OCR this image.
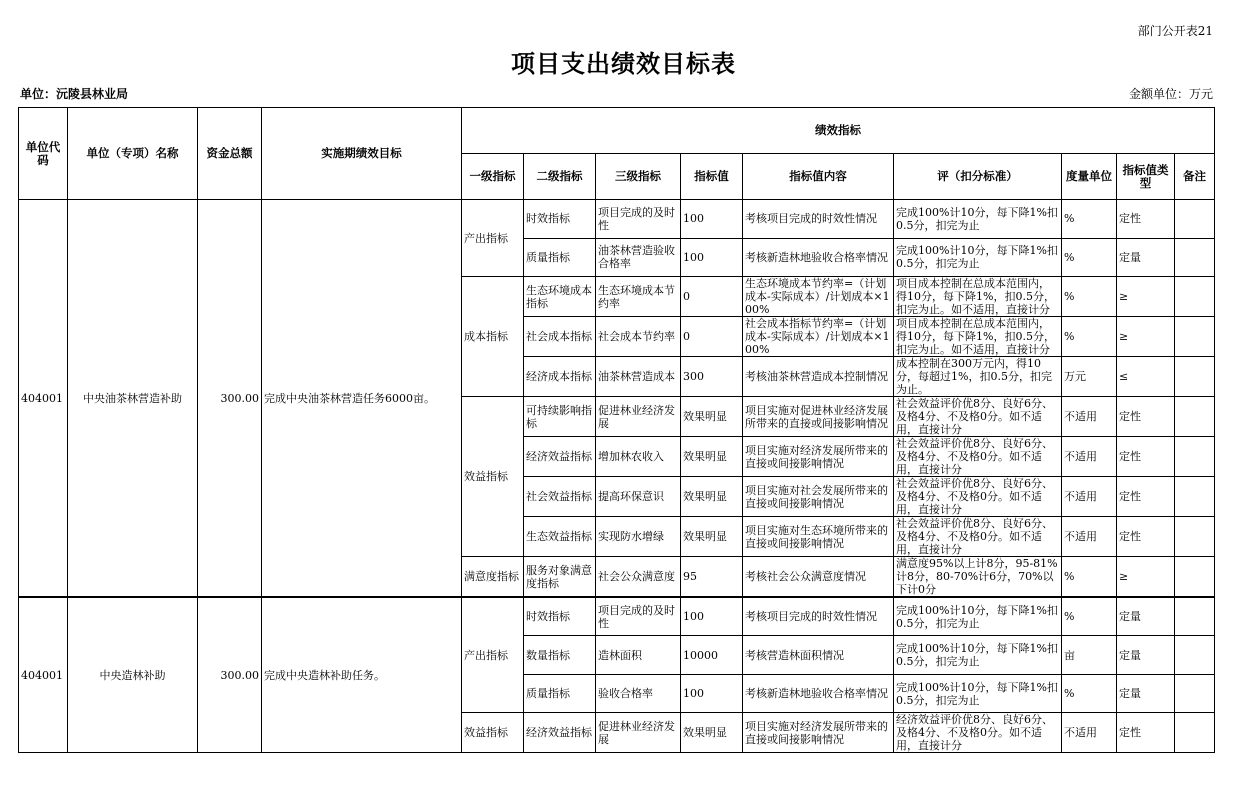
部门公开表21
项目支出绩效目标表
单位：沅陵县林业局	金额单位：万元
单位代码	单位（专项）名称	资金总额	实施期绩效目标	绩效指标								
				一级指标	二级指标	三级指标	指标值	指标值内容	评（扣分标准）	度量单位	指标值类型	备注

404001	中央油茶林营造补助	300.00	完成中央油茶林营造任务6000亩。	产出指标	时效指标	项目完成的及时性	100	考核项目完成的时效性情况	完成100%计10分，每下降1%扣0.5分，扣完为止	%	定性	

					质量指标	油茶林营造验收合格率	100	考核新造林地验收合格率情况	完成100%计10分，每下降1%扣0.5分，扣完为止	%	定量	

				成本指标	生态环境成本指标	生态环境成本节约率	0	生态环境成本节约率=（计划成本-实际成本）/计划成本×100%	项目成本控制在总成本范围内，得10分，每下降1%，扣0.5分，扣完为止。如不适用，直接计分	%	≥	

					社会成本指标	社会成本节约率	0	社会成本指标节约率=（计划成本-实际成本）/计划成本×100%	项目成本控制在总成本范围内，得10分，每下降1%，扣0.5分，扣完为止。如不适用，直接计分	%	≥	

					经济成本指标	油茶林营造成本	300	考核油茶林营造成本控制情况	成本控制在300万元内，得10分，每超过1%，扣0.5分，扣完为止。	万元	≤	

				效益指标	可持续影响指标	促进林业经济发展	效果明显	项目实施对促进林业经济发展所带来的直接或间接影响情况	社会效益评价优8分、良好6分、及格4分、不及格0分。如不适用，直接计分	不适用	定性	

					经济效益指标	增加林农收入	效果明显	项目实施对经济发展所带来的直接或间接影响情况	社会效益评价优8分、良好6分、及格4分、不及格0分。如不适用，直接计分	不适用	定性	

					社会效益指标	提高环保意识	效果明显	项目实施对社会发展所带来的直接或间接影响情况	社会效益评价优8分、良好6分、及格4分、不及格0分。如不适用，直接计分	不适用	定性	

					生态效益指标	实现防水增绿	效果明显	项目实施对生态环境所带来的直接或间接影响情况	社会效益评价优8分、良好6分、及格4分、不及格0分。如不适用，直接计分	不适用	定性	

				满意度指标	服务对象满意度指标	社会公众满意度	95	考核社会公众满意度情况	满意度95%以上计8分，95-81%计8分，80-70%计6分，70%以下计0分	%	≥	

404001	中央造林补助	300.00	完成中央造林补助任务。	产出指标	时效指标	项目完成的及时性	100	考核项目完成的时效性情况	完成100%计10分，每下降1%扣0.5分，扣完为止	%	定量	

					数量指标	造林面积	10000	考核营造林面积情况	完成100%计10分，每下降1%扣0.5分，扣完为止	亩	定量	

					质量指标	验收合格率	100	考核新造林地验收合格率情况	完成100%计10分，每下降1%扣0.5分，扣完为止	%	定量	

				效益指标	经济效益指标	促进林业经济发展	效果明显	项目实施对经济发展所带来的直接或间接影响情况	经济效益评价优8分、良好6分、及格4分、不及格0分。如不适用，直接计分	不适用	定性	
